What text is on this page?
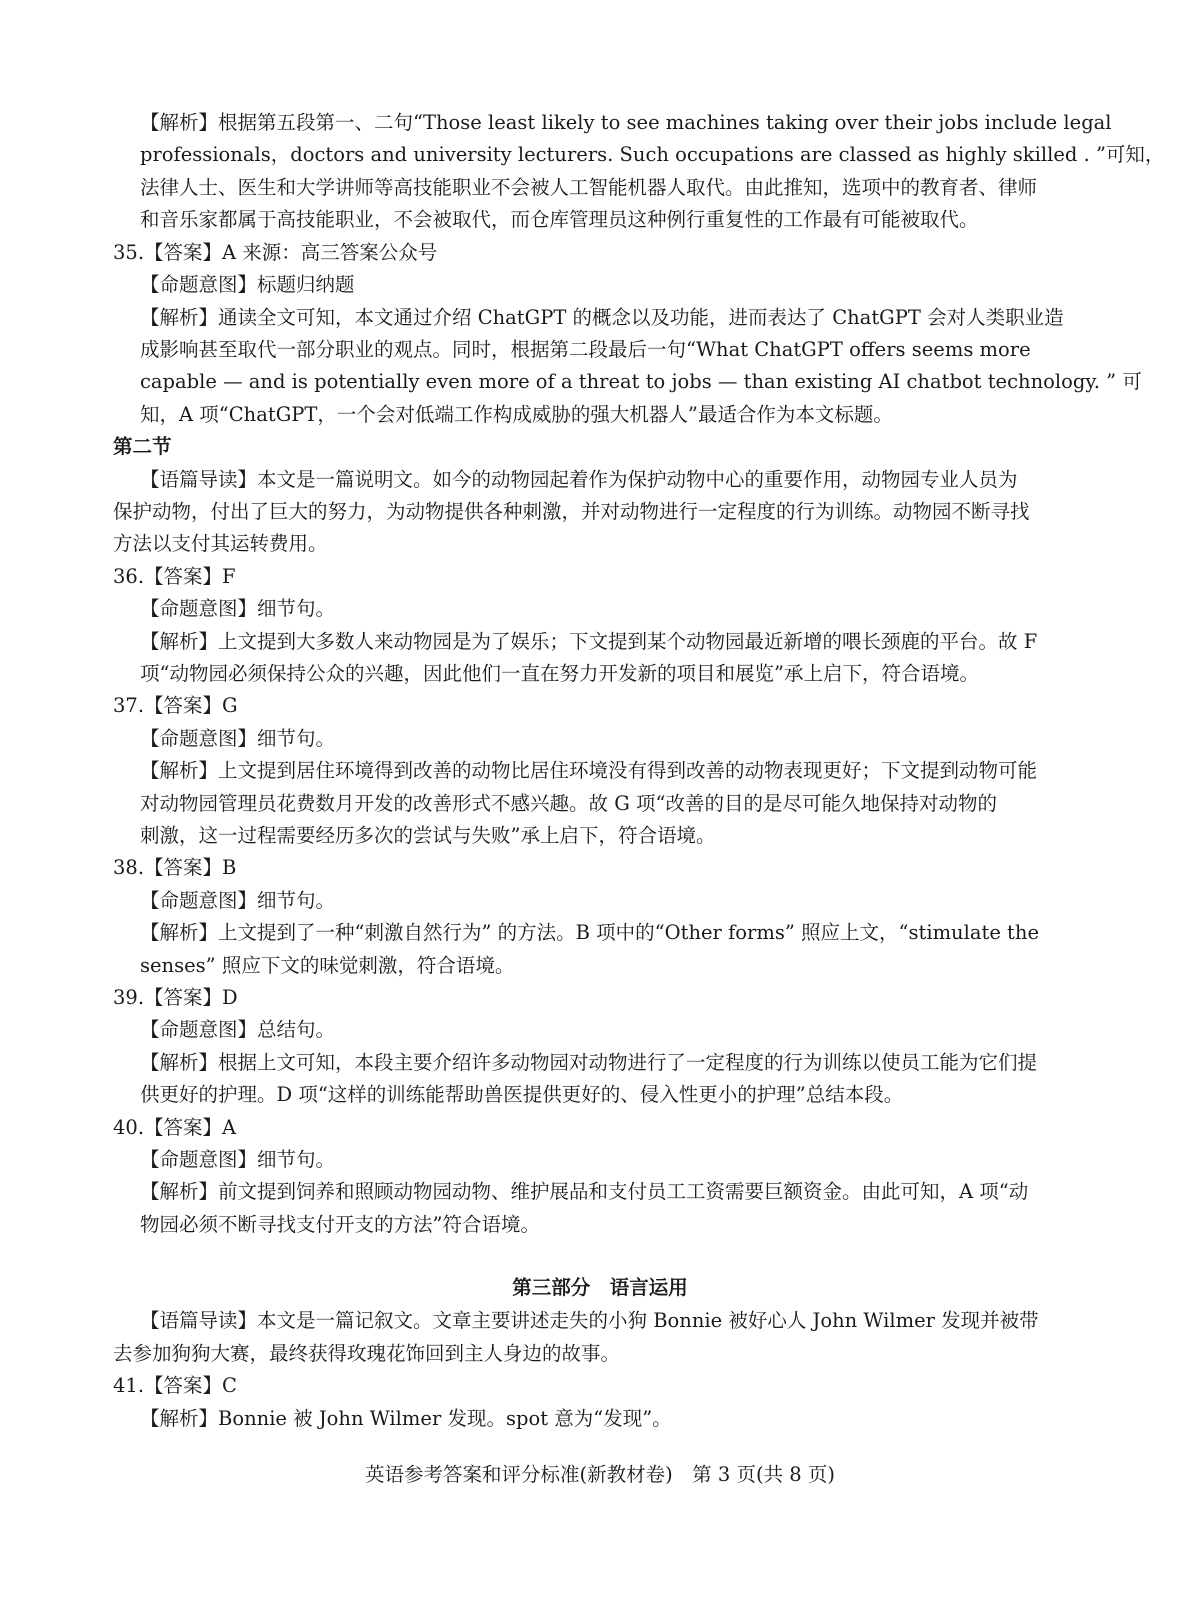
【解析】根据第五段第一、二句“Those least likely to see machines taking over their jobs include legal
professionals，doctors and university lecturers. Such occupations are classed as highly skilled . ”可知，
法律人士、医生和大学讲师等高技能职业不会被人工智能机器人取代。由此推知，选项中的教育者、律师
和音乐家都属于高技能职业，不会被取代，而仓库管理员这种例行重复性的工作最有可能被取代。
35.【答案】A 来源：高三答案公众号
【命题意图】标题归纳题
【解析】通读全文可知，本文通过介绍 ChatGPT 的概念以及功能，进而表达了 ChatGPT 会对人类职业造
成影响甚至取代一部分职业的观点。同时，根据第二段最后一句“What ChatGPT offers seems more
capable — and is potentially even more of a threat to jobs — than existing AI chatbot technology. ” 可
知，A 项“ChatGPT，一个会对低端工作构成威胁的强大机器人”最适合作为本文标题。
第二节
【语篇导读】本文是一篇说明文。如今的动物园起着作为保护动物中心的重要作用，动物园专业人员为
保护动物，付出了巨大的努力，为动物提供各种刺激，并对动物进行一定程度的行为训练。动物园不断寻找
方法以支付其运转费用。
36.【答案】F
【命题意图】细节句。
【解析】上文提到大多数人来动物园是为了娱乐；下文提到某个动物园最近新增的喂长颈鹿的平台。故 F
项“动物园必须保持公众的兴趣，因此他们一直在努力开发新的项目和展览”承上启下，符合语境。
37.【答案】G
【命题意图】细节句。
【解析】上文提到居住环境得到改善的动物比居住环境没有得到改善的动物表现更好；下文提到动物可能
对动物园管理员花费数月开发的改善形式不感兴趣。故 G 项“改善的目的是尽可能久地保持对动物的
刺激，这一过程需要经历多次的尝试与失败”承上启下，符合语境。
38.【答案】B
【命题意图】细节句。
【解析】上文提到了一种“刺激自然行为” 的方法。B 项中的“Other forms” 照应上文，“stimulate the
senses” 照应下文的味觉刺激，符合语境。
39.【答案】D
【命题意图】总结句。
【解析】根据上文可知，本段主要介绍许多动物园对动物进行了一定程度的行为训练以使员工能为它们提
供更好的护理。D 项“这样的训练能帮助兽医提供更好的、侵入性更小的护理”总结本段。
40.【答案】A
【命题意图】细节句。
【解析】前文提到饲养和照顾动物园动物、维护展品和支付员工工资需要巨额资金。由此可知，A 项“动
物园必须不断寻找支付开支的方法”符合语境。
第三部分　语言运用
【语篇导读】本文是一篇记叙文。文章主要讲述走失的小狗 Bonnie 被好心人 John Wilmer 发现并被带
去参加狗狗大赛，最终获得玫瑰花饰回到主人身边的故事。
41.【答案】C
【解析】Bonnie 被 John Wilmer 发现。spot 意为“发现”。
英语参考答案和评分标准(新教材卷)　第 3 页(共 8 页)
